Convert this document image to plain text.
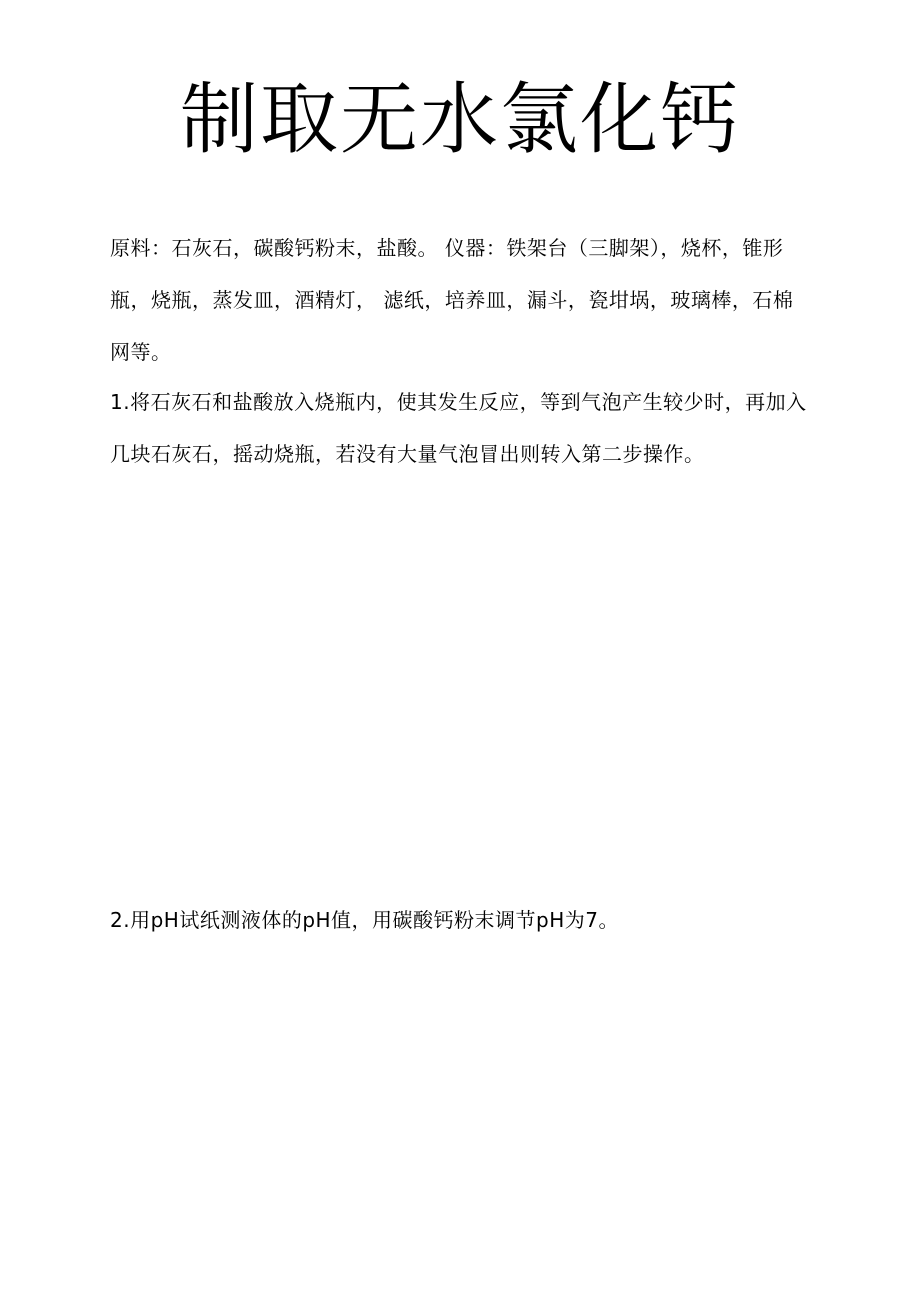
制取无水氯化钙

原料：石灰石，碳酸钙粉末，盐酸。 仪器：铁架台（三脚架），烧杯，锥形瓶，烧瓶，蒸发皿，酒精灯， 滤纸，培养皿，漏斗，瓷坩埚，玻璃棒，石棉网等。

1.将石灰石和盐酸放入烧瓶内，使其发生反应，等到气泡产生较少时，再加入几块石灰石，摇动烧瓶，若没有大量气泡冒出则转入第二步操作。

2.用pH试纸测液体的pH值，用碳酸钙粉末调节pH为7。
